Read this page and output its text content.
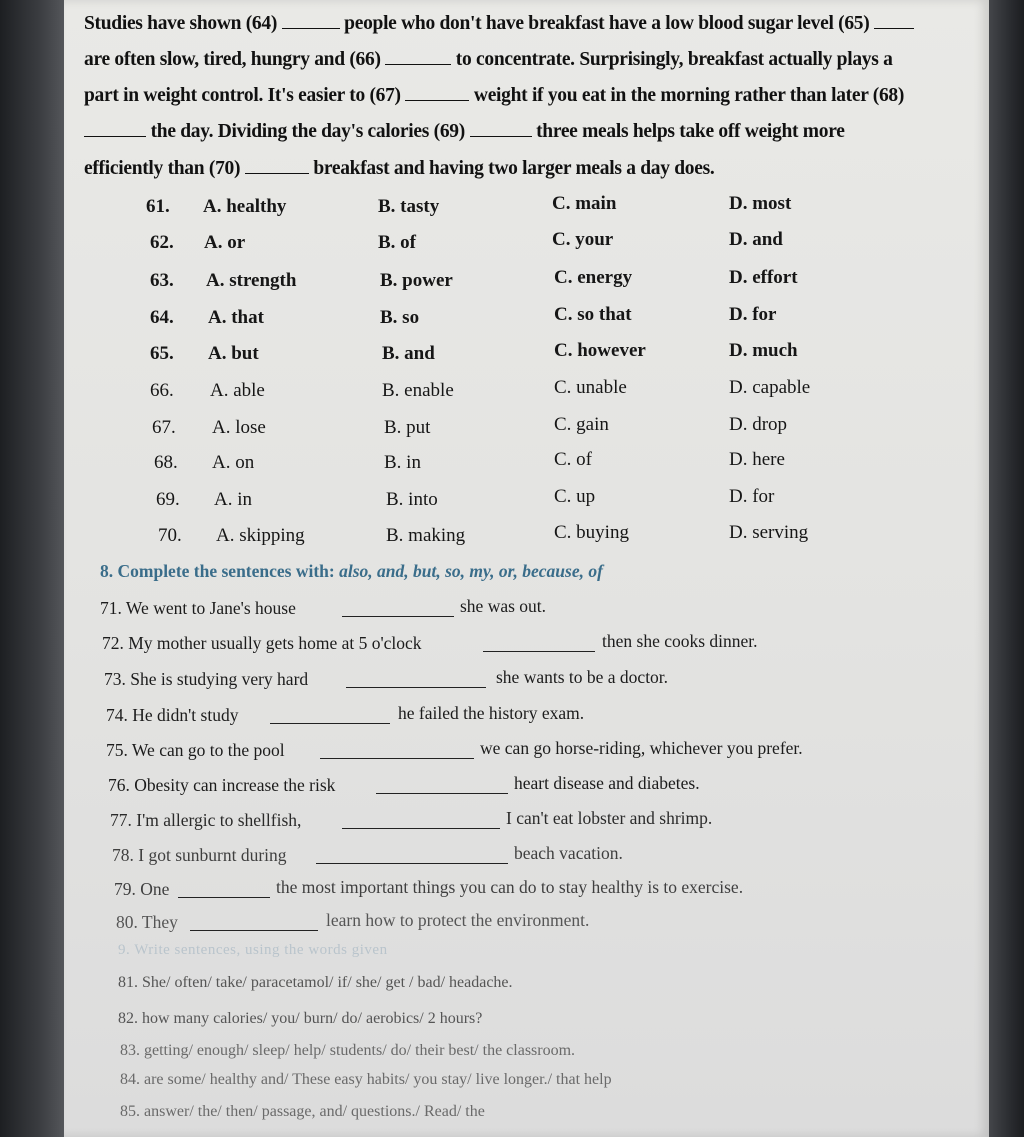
Studies have shown (64)	people who don't have breakfast have a low blood sugar level (65)
are often slow, tired, hungry and (66)	to concentrate. Surprisingly, breakfast actually plays a
part in weight control. It's easier to (67)	weight if you eat in the morning rather than later (68)
the day. Dividing the day's calories (69)	three meals helps take off weight more
efficiently than (70)	breakfast and having two larger meals a day does.
61. A. healthy	B. tasty	C. main	D. most
62. A. or	B. of	C. your	D. and
63. A. strength	B. power	C. energy	D. effort
64. A. that	B. so	C. so that	D. for
65. A. but	B. and	C. however	D. much
66. A. able	B. enable	C. unable	D. capable
67. A. lose	B. put	C. gain	D. drop
68. A. on	B. in	C. of	D. here
69. A. in	B. into	C. up	D. for
70. A. skipping	B. making	C. buying	D. serving
8. Complete the sentences with: also, and, but, so, my, or, because, of
71. We went to Jane's house	she was out.
72. My mother usually gets home at 5 o'clock	then she cooks dinner.
73. She is studying very hard	she wants to be a doctor.
74. He didn't study	he failed the history exam.
75. We can go to the pool	we can go horse-riding, whichever you prefer.
76. Obesity can increase the risk	heart disease and diabetes.
77. I'm allergic to shellfish,	I can't eat lobster and shrimp.
78. I got sunburnt during	beach vacation.
79. One	the most important things you can do to stay healthy is to exercise.
80. They	learn how to protect the environment.
9. Write sentences, using the words given
81. She/ often/ take/ paracetamol/ if/ she/ get / bad/ headache.
82. how many calories/ you/ burn/ do/ aerobics/ 2 hours?
83. getting/ enough/ sleep/ help/ students/ do/ their best/ the classroom.
84. are some/ healthy and/ These easy habits/ you stay/ live longer./ that help
85. answer/ the/ then/ passage, and/ questions./ Read/ the
